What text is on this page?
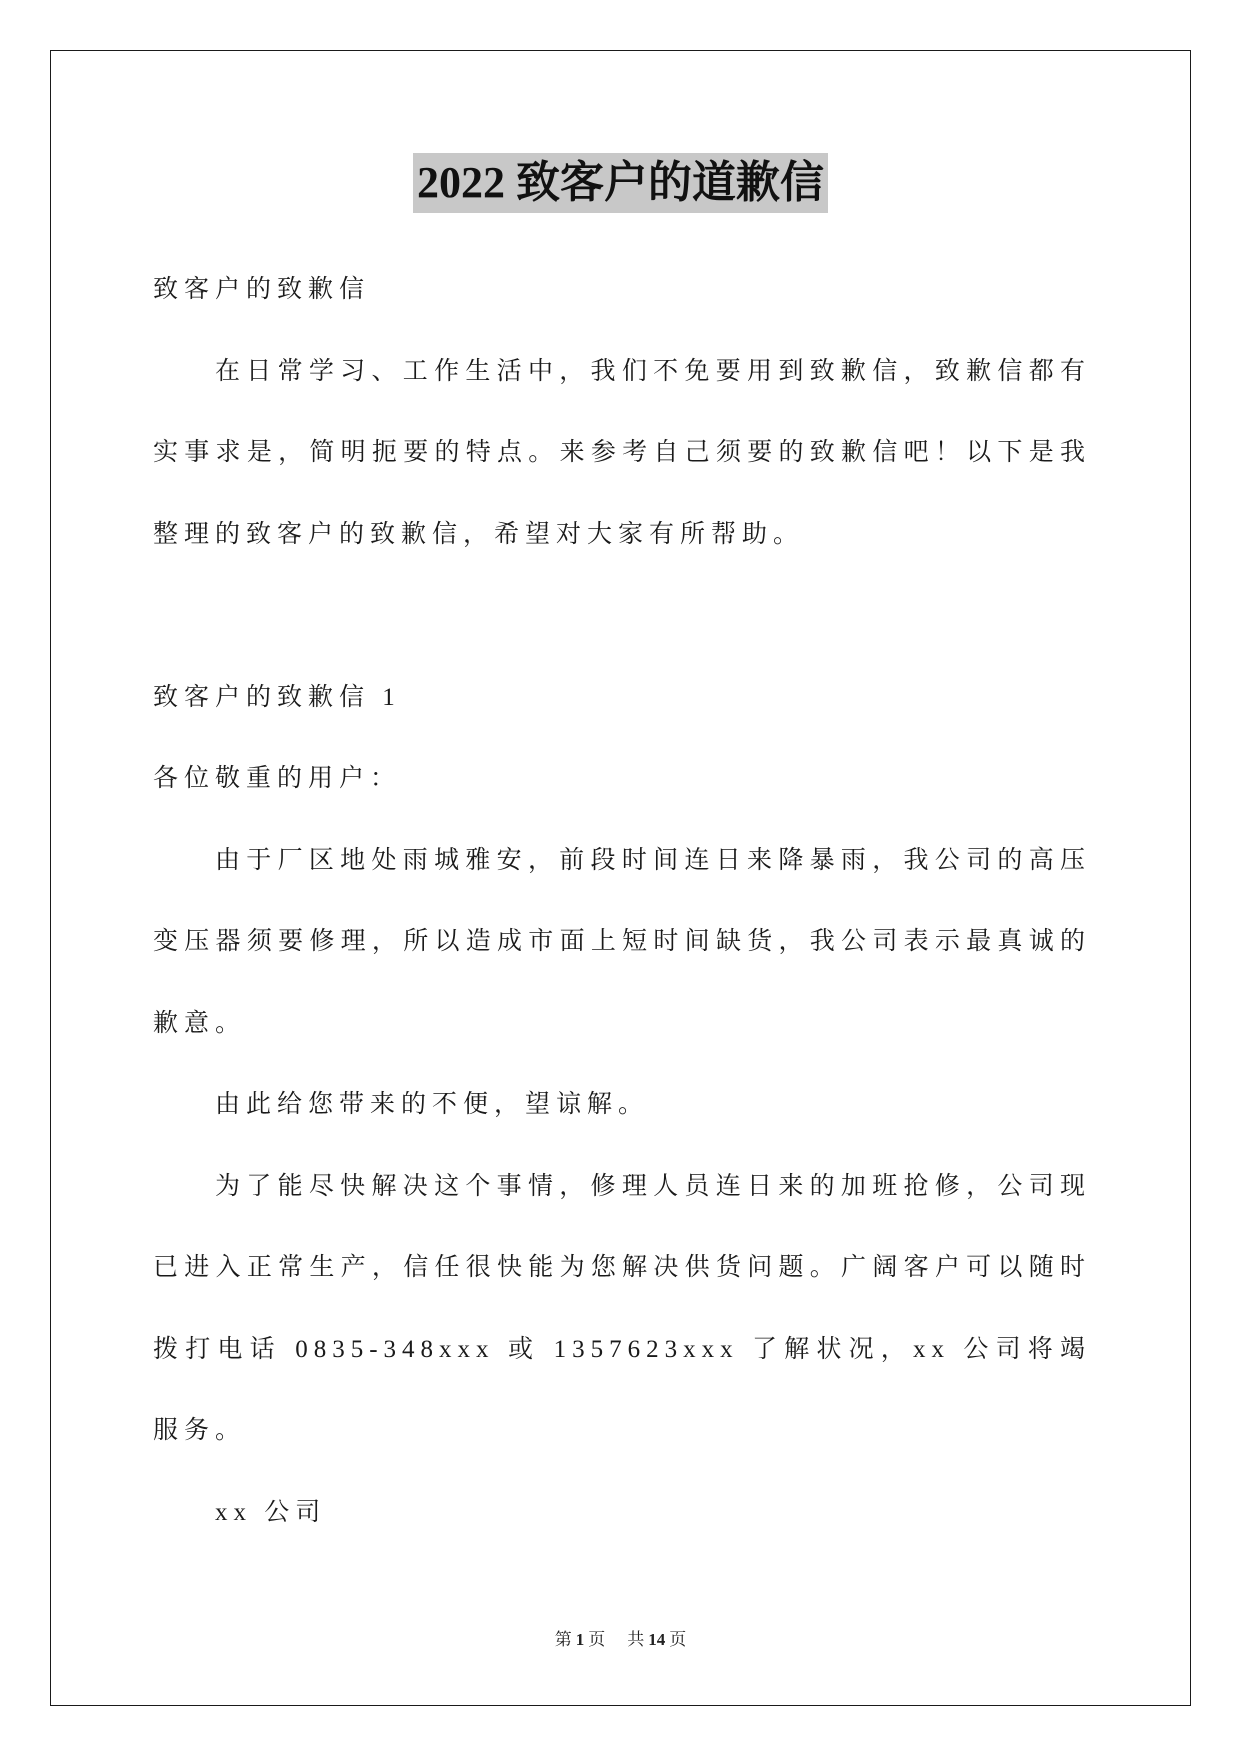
2022 致客户的道歉信
致客户的致歉信
在日常学习、工作生活中，我们不免要用到致歉信，致歉信都有
实事求是，简明扼要的特点。来参考自己须要的致歉信吧！以下是我
整理的致客户的致歉信，希望对大家有所帮助。
致客户的致歉信 1
各位敬重的用户：
由于厂区地处雨城雅安，前段时间连日来降暴雨，我公司的高压
变压器须要修理，所以造成市面上短时间缺货，我公司表示最真诚的
歉意。
由此给您带来的不便，望谅解。
为了能尽快解决这个事情，修理人员连日来的加班抢修，公司现
已进入正常生产，信任很快能为您解决供货问题。广阔客户可以随时
拨打电话 0835-348xxx 或 1357623xxx 了解状况，xx 公司将竭
服务。
xx 公司
第 1 页 共 14 页
